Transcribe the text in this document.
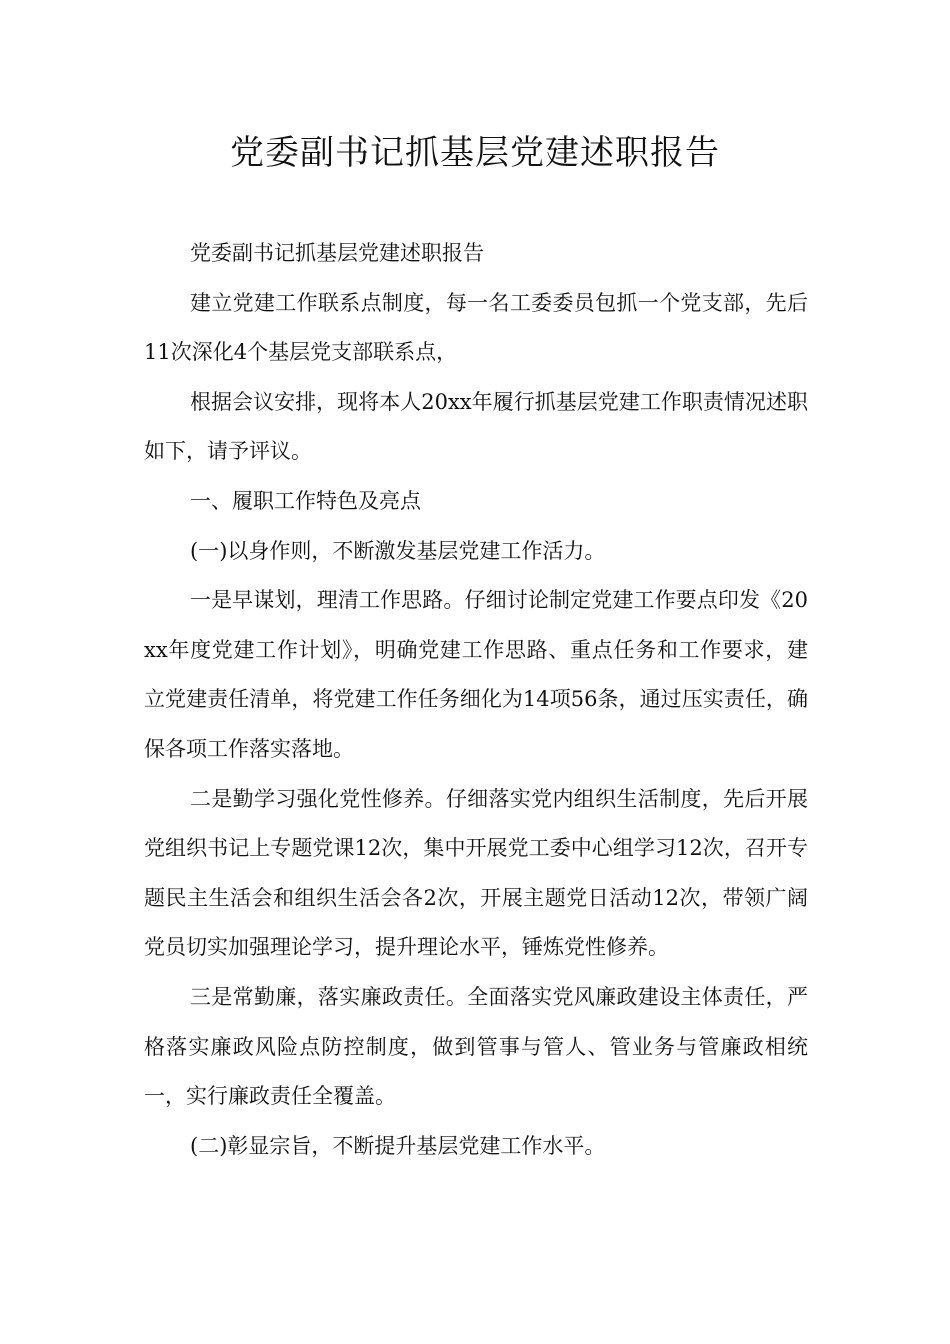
党委副书记抓基层党建述职报告

党委副书记抓基层党建述职报告

建立党建工作联系点制度，每一名工委委员包抓一个党支部，先后11次深化4个基层党支部联系点，

根据会议安排，现将本人20xx年履行抓基层党建工作职责情况述职如下，请予评议。

一、履职工作特色及亮点

(一)以身作则，不断激发基层党建工作活力。

一是早谋划，理清工作思路。仔细讨论制定党建工作要点印发《20xx年度党建工作计划》，明确党建工作思路、重点任务和工作要求，建立党建责任清单，将党建工作任务细化为14项56条，通过压实责任，确保各项工作落实落地。

二是勤学习强化党性修养。仔细落实党内组织生活制度，先后开展党组织书记上专题党课12次，集中开展党工委中心组学习12次，召开专题民主生活会和组织生活会各2次，开展主题党日活动12次，带领广阔党员切实加强理论学习，提升理论水平，锤炼党性修养。

三是常勤廉，落实廉政责任。全面落实党风廉政建设主体责任，严格落实廉政风险点防控制度，做到管事与管人、管业务与管廉政相统一，实行廉政责任全覆盖。

(二)彰显宗旨，不断提升基层党建工作水平。
